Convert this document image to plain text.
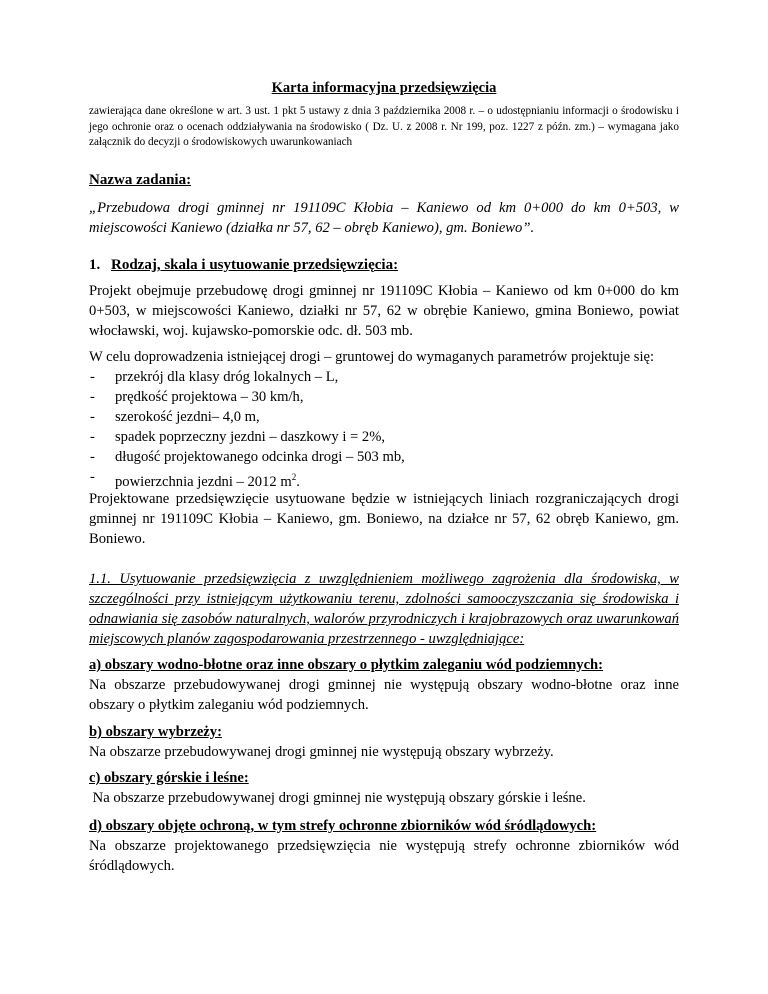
Karta informacyjna przedsięwzięcia

zawierająca dane określone w art. 3 ust. 1 pkt 5 ustawy z dnia 3 października 2008 r. – o udostępnianiu informacji o środowisku i jego ochronie oraz o ocenach oddziaływania na środowisko ( Dz. U. z 2008 r. Nr 199, poz. 1227 z późn. zm.) – wymagana jako załącznik do decyzji o środowiskowych uwarunkowaniach

Nazwa zadania:

„Przebudowa drogi gminnej nr 191109C Kłobia – Kaniewo od km 0+000 do km 0+503, w miejscowości Kaniewo (działka nr 57, 62 – obręb Kaniewo), gm. Boniewo”.

1. Rodzaj, skala i usytuowanie przedsięwzięcia:

Projekt obejmuje przebudowę drogi gminnej nr 191109C Kłobia – Kaniewo od km 0+000 do km 0+503, w miejscowości Kaniewo, działki nr 57, 62 w obrębie Kaniewo, gmina Boniewo, powiat włocławski, woj. kujawsko-pomorskie odc. dł. 503 mb.

W celu doprowadzenia istniejącej drogi – gruntowej do wymaganych parametrów projektuje się:

- przekrój dla klasy dróg lokalnych – L,
- prędkość projektowa – 30 km/h,
- szerokość jezdni– 4,0 m,
- spadek poprzeczny jezdni – daszkowy i = 2%,
- długość projektowanego odcinka drogi – 503 mb,
- powierzchnia jezdni – 2012 $m^2$.

Projektowane przedsięwzięcie usytuowane będzie w istniejących liniach rozgraniczających drogi gminnej nr 191109C Kłobia – Kaniewo, gm. Boniewo, na działce nr 57, 62 obręb Kaniewo, gm. Boniewo.

1.1. Usytuowanie przedsięwzięcia z uwzględnieniem możliwego zagrożenia dla środowiska, w szczególności przy istniejącym użytkowaniu terenu, zdolności samooczyszczania się środowiska i odnawiania się zasobów naturalnych, walorów przyrodniczych i krajobrazowych oraz uwarunkowań miejscowych planów zagospodarowania przestrzennego - uwzględniające:

a) obszary wodno-błotne oraz inne obszary o płytkim zaleganiu wód podziemnych:

Na obszarze przebudowywanej drogi gminnej nie występują obszary wodno-błotne oraz inne obszary o płytkim zaleganiu wód podziemnych.

b) obszary wybrzeży:

Na obszarze przebudowywanej drogi gminnej nie występują obszary wybrzeży.

c) obszary górskie i leśne:

Na obszarze przebudowywanej drogi gminnej nie występują obszary górskie i leśne.

d) obszary objęte ochroną, w tym strefy ochronne zbiorników wód śródlądowych:

Na obszarze projektowanego przedsięwzięcia nie występują strefy ochronne zbiorników wód śródlądowych.
